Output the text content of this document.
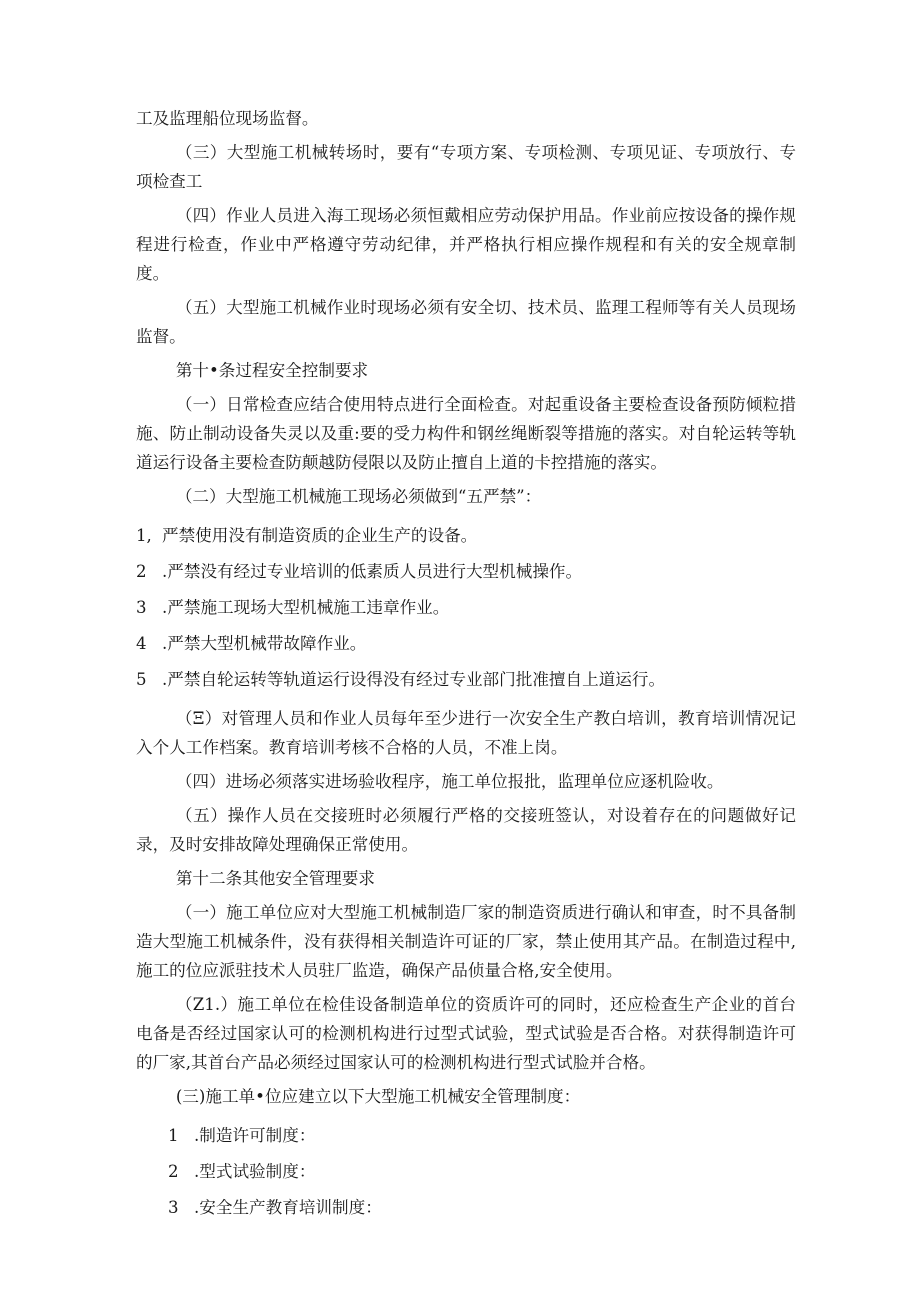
工及监理船位现场监督。

（三）大型施工机械转场时，要有“专项方案、专项检测、专项见证、专项放行、专项检查工

（四）作业人员进入海工现场必须恒戴相应劳动保护用品。作业前应按设备的操作规程进行检查，作业中严格遵守劳动纪律，并严格执行相应操作规程和有关的安全规章制度。

（五）大型施工机械作业时现场必须有安全切、技术员、监理工程师等有关人员现场监督。

第十•条过程安全控制要求

（一）日常检查应结合使用特点进行全面检查。对起重设备主要检查设备预防倾粒措施、防止制动设备失灵以及重:要的受力构件和钢丝绳断裂等措施的落实。对自轮运转等轨道运行设备主要检查防颠越防侵限以及防止擅自上道的卡控措施的落实。

（二）大型施工机械施工现场必须做到“五严禁”：

1, 严禁使用没有制造资质的企业生产的设备。
2 .严禁没有经过专业培训的低素质人员进行大型机械操作。
3 .严禁施工现场大型机械施工违章作业。
4 .严禁大型机械带故障作业。
5 .严禁自轮运转等轨道运行设得没有经过专业部门批准擅自上道运行。

（Ξ）对管理人员和作业人员每年至少进行一次安全生产教白培训，教育培训情况记入个人工作档案。教育培训考核不合格的人员，不准上岗。

（四）进场必须落实进场验收程序，施工单位报批，监理单位应逐机险收。

（五）操作人员在交接班时必须履行严格的交接班签认，对设着存在的问题做好记录，及时安排故障处理确保正常使用。

第十二条其他安全管理要求

（一）施工单位应对大型施工机械制造厂家的制造资质进行确认和审查，时不具备制造大型施工机械条件，没有获得相关制造许可证的厂家，禁止使用其产品。在制造过程中,施工的位应派驻技术人员驻厂监造，确保产品侦量合格,安全使用。

（Z1.）施工单位在检佳设备制造单位的资质许可的同时，还应检查生产企业的首台电备是否经过国家认可的检测机构进行过型式试验，型式试验是否合格。对获得制造许可的厂家,其首台产品必须经过国家认可的检测机构进行型式试脸并合格。

(三)施工单•位应建立以下大型施工机械安全管理制度：

1 .制造许可制度：
2 .型式试验制度：
3 .安全生产教育培训制度：
